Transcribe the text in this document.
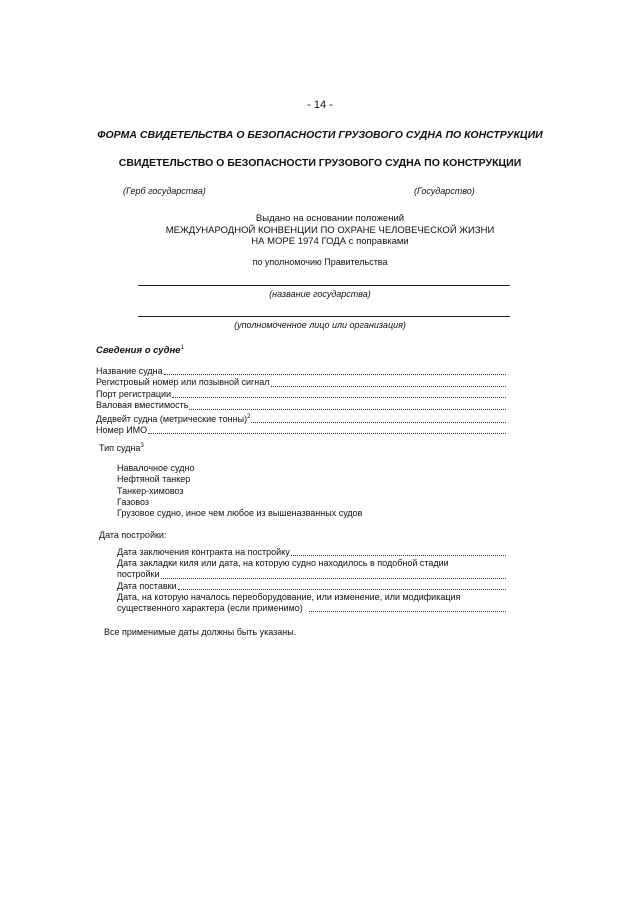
- 14 -
ФОРМА СВИДЕТЕЛЬСТВА О БЕЗОПАСНОСТИ ГРУЗОВОГО СУДНА ПО КОНСТРУКЦИИ
СВИДЕТЕЛЬСТВО О БЕЗОПАСНОСТИ ГРУЗОВОГО СУДНА ПО КОНСТРУКЦИИ
(Герб государства)	(Государство)
Выдано на основании положений
МЕЖДУНАРОДНОЙ КОНВЕНЦИИ ПО ОХРАНЕ ЧЕЛОВЕЧЕСКОЙ ЖИЗНИ
НА МОРЕ 1974 ГОДА с поправками
по уполномочию Правительства
(название государства)
(уполномоченное лицо или организация)
Сведения о судне$^1$
Название судна
Регистровый номер или позывной сигнал
Порт регистрации
Валовая вместимость
Дедвейт судна (метрические тонны)$^2$
Номер ИМО
Тип судна$^3$
Навалочное судно
Нефтяной танкер
Танкер-химовоз
Газовоз
Грузовое судно, иное чем любое из вышеназванных судов
Дата постройки:
Дата заключения контракта на постройку
Дата закладки киля или дата, на которую судно находилось в подобной стадии
постройки
Дата поставки
Дата, на которую началось переоборудование, или изменение, или модификация
существенного характера (если применимо)
Все применимые даты должны быть указаны.
